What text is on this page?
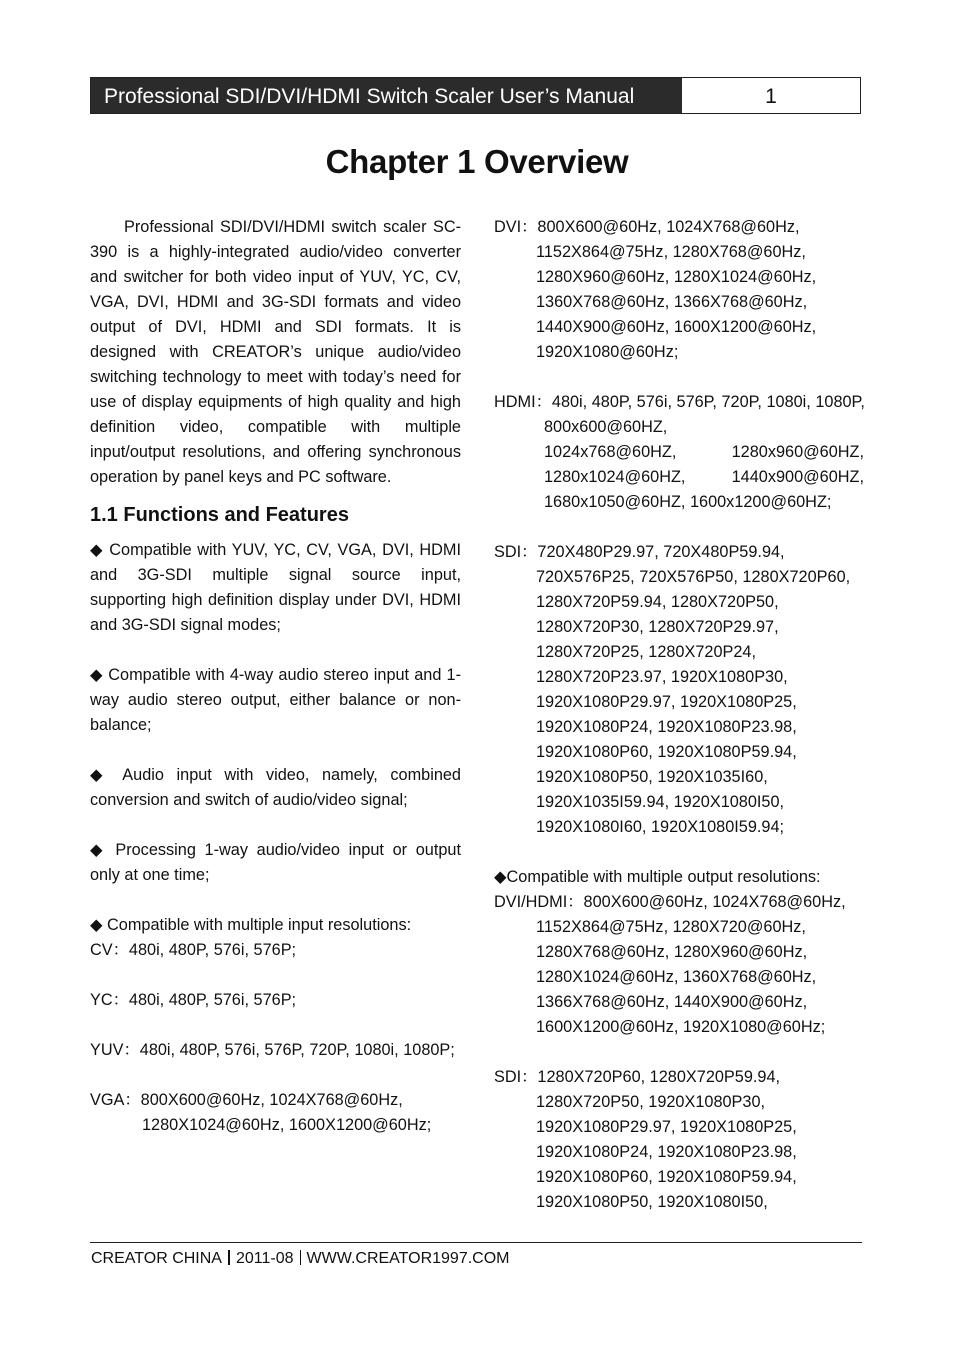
Professional SDI/DVI/HDMI Switch Scaler User’s Manual	1
Chapter 1 Overview
Professional SDI/DVI/HDMI switch scaler SC-390 is a highly-integrated audio/video converter and switcher for both video input of YUV, YC, CV, VGA, DVI, HDMI and 3G-SDI formats and video output of DVI, HDMI and SDI formats. It is designed with CREATOR’s unique audio/video switching technology to meet with today’s need for use of display equipments of high quality and high definition video, compatible with multiple input/output resolutions, and offering synchronous operation by panel keys and PC software.
1.1 Functions and Features
◆ Compatible with YUV, YC, CV, VGA, DVI, HDMI and 3G-SDI multiple signal source input, supporting high definition display under DVI, HDMI and 3G-SDI signal modes;
◆ Compatible with 4-way audio stereo input and 1-way audio stereo output, either balance or non-balance;
◆ Audio input with video, namely, combined conversion and switch of audio/video signal;
◆ Processing 1-way audio/video input or output only at one time;
◆ Compatible with multiple input resolutions:
CV：480i, 480P, 576i, 576P;
YC：480i, 480P, 576i, 576P;
YUV：480i, 480P, 576i, 576P, 720P, 1080i, 1080P;
VGA：800X600@60Hz, 1024X768@60Hz,
1280X1024@60Hz, 1600X1200@60Hz;
DVI：800X600@60Hz, 1024X768@60Hz,
1152X864@75Hz, 1280X768@60Hz,
1280X960@60Hz, 1280X1024@60Hz,
1360X768@60Hz, 1366X768@60Hz,
1440X900@60Hz, 1600X1200@60Hz,
1920X1080@60Hz;
HDMI：480i, 480P, 576i, 576P, 720P, 1080i, 1080P,
800x600@60HZ,
1024x768@60HZ,	1280x960@60HZ,
1280x1024@60HZ,	1440x900@60HZ,
1680x1050@60HZ, 1600x1200@60HZ;
SDI：720X480P29.97, 720X480P59.94,
720X576P25, 720X576P50, 1280X720P60,
1280X720P59.94, 1280X720P50,
1280X720P30, 1280X720P29.97,
1280X720P25, 1280X720P24,
1280X720P23.97, 1920X1080P30,
1920X1080P29.97, 1920X1080P25,
1920X1080P24, 1920X1080P23.98,
1920X1080P60, 1920X1080P59.94,
1920X1080P50, 1920X1035I60,
1920X1035I59.94, 1920X1080I50,
1920X1080I60, 1920X1080I59.94;
◆Compatible with multiple output resolutions:
DVI/HDMI：800X600@60Hz, 1024X768@60Hz,
1152X864@75Hz, 1280X720@60Hz,
1280X768@60Hz, 1280X960@60Hz,
1280X1024@60Hz, 1360X768@60Hz,
1366X768@60Hz, 1440X900@60Hz,
1600X1200@60Hz, 1920X1080@60Hz;
SDI：1280X720P60, 1280X720P59.94,
1280X720P50, 1920X1080P30,
1920X1080P29.97, 1920X1080P25,
1920X1080P24, 1920X1080P23.98,
1920X1080P60, 1920X1080P59.94,
1920X1080P50, 1920X1080I50,
CREATOR CHINA 2011-08 WWW.CREATOR1997.COM
